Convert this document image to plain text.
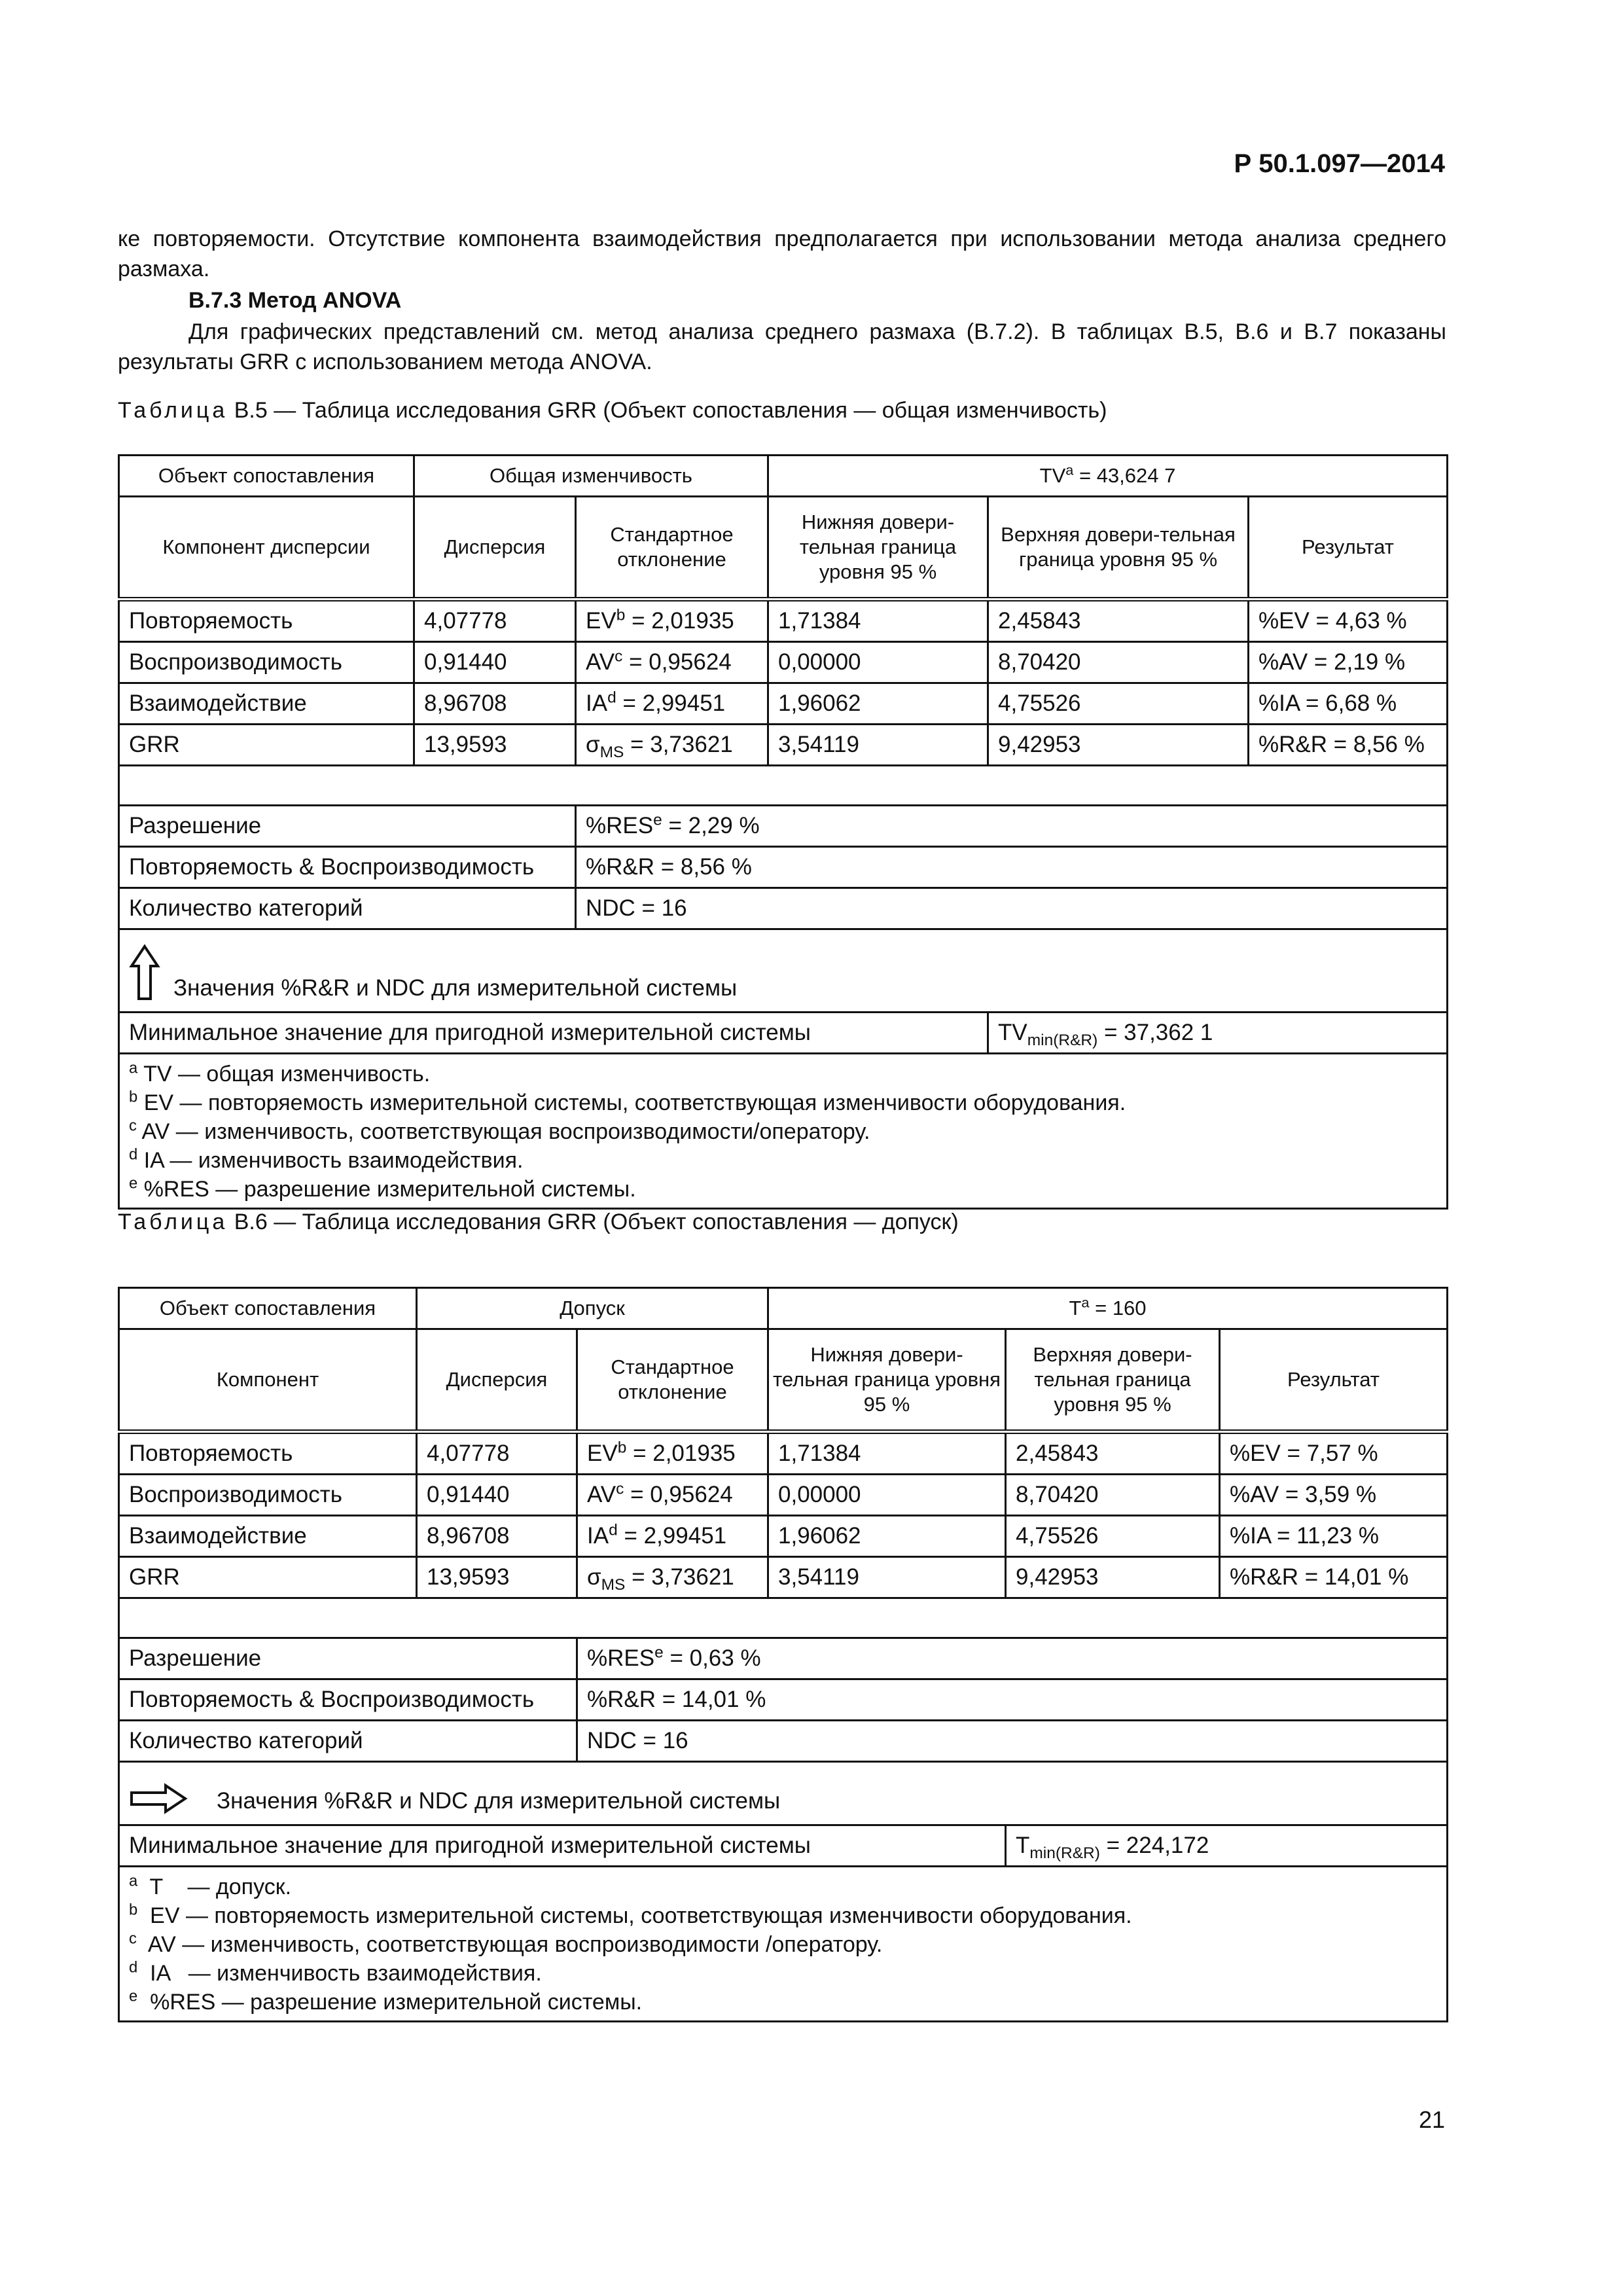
Р 50.1.097—2014
ке повторяемости. Отсутствие компонента взаимодействия предполагается при использовании метода анализа среднего размаха.
В.7.3 Метод ANOVA
Для графических представлений см. метод анализа среднего размаха (В.7.2). В таблицах В.5, В.6 и В.7 показаны результаты GRR с использованием метода ANOVA.
Таблица В.5 — Таблица исследования GRR (Объект сопоставления — общая изменчивость)
Объект сопоставления	Общая изменчивость		$TV^a = 43,624$ 7		
Компонент дисперсии	Дисперсия	Стандартное отклонение	Нижняя довери-тельная граница уровня 95 %	Верхняя довери-тельная граница уровня 95 %	Результат
Повторяемость	4,07778	$EV^b = 2,01935$	1,71384	2,45843	%EV = 4,63 %
Воспроизводимость	0,91440	$AV^c = 0,95624$	0,00000	8,70420	%AV = 2,19 %
Взаимодействие	8,96708	$IA^d = 2,99451$	1,96062	4,75526	%IA = 6,68 %
GRR	13,9593	$\sigma_{MS} = 3,73621$	3,54119	9,42953	%R&R = 8,56 %

Разрешение		$\%RES^e = 2,29$ %			
Повторяемость & Воспроизводимость		%R&R = 8,56 %			
Количество категорий		NDC = 16			

Значения %R&R и NDC для измерительной системы					

Минимальное значение для пригодной измерительной системы				$TV_{min(R\&R)} = 37,362$ 1	

$^a$ TV — общая изменчивость.
$^b$ EV — повторяемость измерительной системы, соответствующая изменчивости оборудования.
$^c$ AV — изменчивость, соответствующая воспроизводимости/оператору.
$^d$ IA — изменчивость взаимодействия.
$^e$ %RES — разрешение измерительной системы.					
Таблица В.6 — Таблица исследования GRR (Объект сопоставления — допуск)
Объект сопоставления	Допуск		$T^a = 160$		
Компонент	Дисперсия	Стандартное отклонение	Нижняя довери-тельная граница уровня 95 %	Верхняя довери-тельная граница уровня 95 %	Результат
Повторяемость	4,07778	$EV^b = 2,01935$	1,71384	2,45843	%EV = 7,57 %
Воспроизводимость	0,91440	$AV^c = 0,95624$	0,00000	8,70420	%AV = 3,59 %
Взаимодействие	8,96708	$IA^d = 2,99451$	1,96062	4,75526	%IA = 11,23 %
GRR	13,9593	$\sigma_{MS} = 3,73621$	3,54119	9,42953	%R&R = 14,01 %

Разрешение		$\%RES^e = 0,63$ %			
Повторяемость & Воспроизводимость		%R&R = 14,01 %			
Количество категорий		NDC = 16			

Значения %R&R и NDC для измерительной системы					

Минимальное значение для пригодной измерительной системы				$T_{min(R\&R)} = 224,172$	

$^a$  T    — допуск.
$^b$  EV — повторяемость измерительной системы, соответствующая изменчивости оборудования.
$^c$  AV — изменчивость, соответствующая воспроизводимости /оператору.
$^d$  IA   — изменчивость взаимодействия.
$^e$  %RES — разрешение измерительной системы.					
21
